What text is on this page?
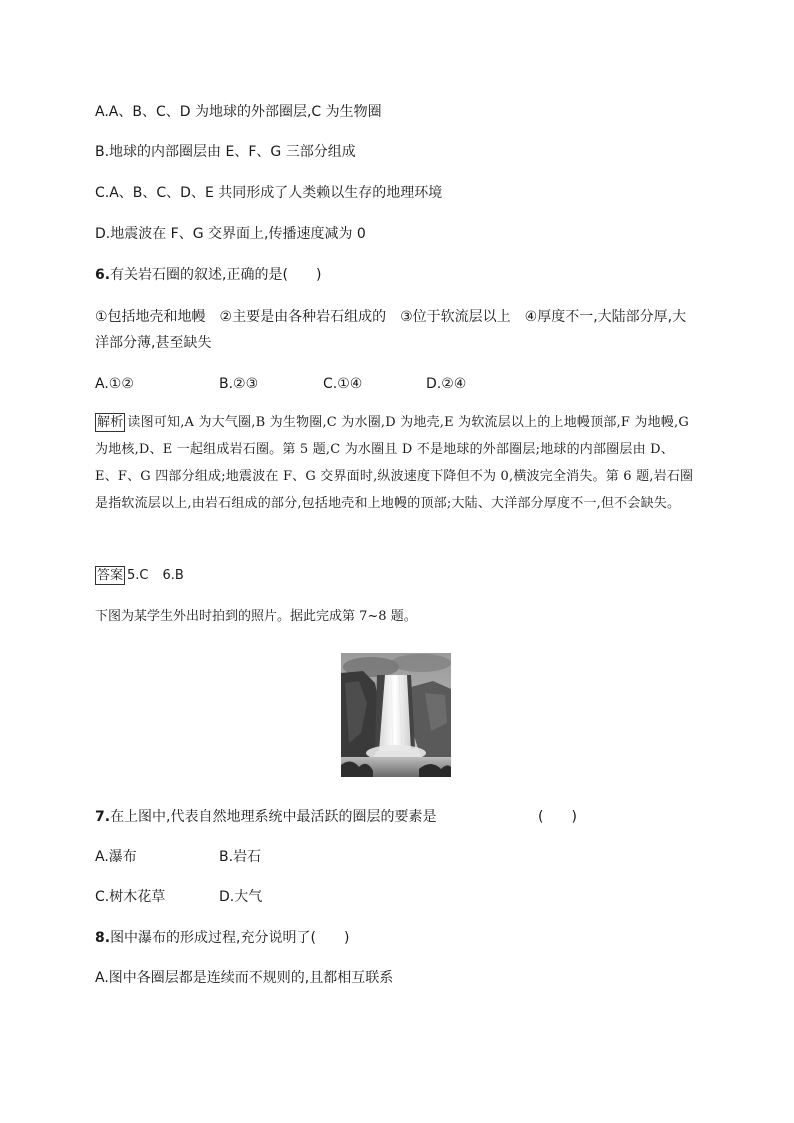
A.A、B、C、D 为地球的外部圈层,C 为生物圈
B.地球的内部圈层由 E、F、G 三部分组成
C.A、B、C、D、E 共同形成了人类赖以生存的地理环境
D.地震波在 F、G 交界面上,传播速度减为 0
6.有关岩石圈的叙述,正确的是(　　)
①包括地壳和地幔　②主要是由各种岩石组成的　③位于软流层以上　④厚度不一,大陆部分厚,大
洋部分薄,甚至缺失
A.①②	B.②③	C.①④	D.②④
解析 读图可知,A 为大气圈,B 为生物圈,C 为水圈,D 为地壳,E 为软流层以上的上地幔顶部,F 为地幔,G 为地核,D、E 一起组成岩石圈。第 5 题,C 为水圈且 D 不是地球的外部圈层;地球的内部圈层由 D、E、F、G 四部分组成;地震波在 F、G 交界面时,纵波速度下降但不为 0,横波完全消失。第 6 题,岩石圈是指软流层以上,由岩石组成的部分,包括地壳和上地幔的顶部;大陆、大洋部分厚度不一,但不会缺失。
答案 5.C 6.B
下图为某学生外出时拍到的照片。据此完成第 7~8 题。
7.在上图中,代表自然地理系统中最活跃的圈层的要素是	(　　)
A.瀑布	B.岩石
C.树木花草	D.大气
8.图中瀑布的形成过程,充分说明了(　　)
A.图中各圈层都是连续而不规则的,且都相互联系
